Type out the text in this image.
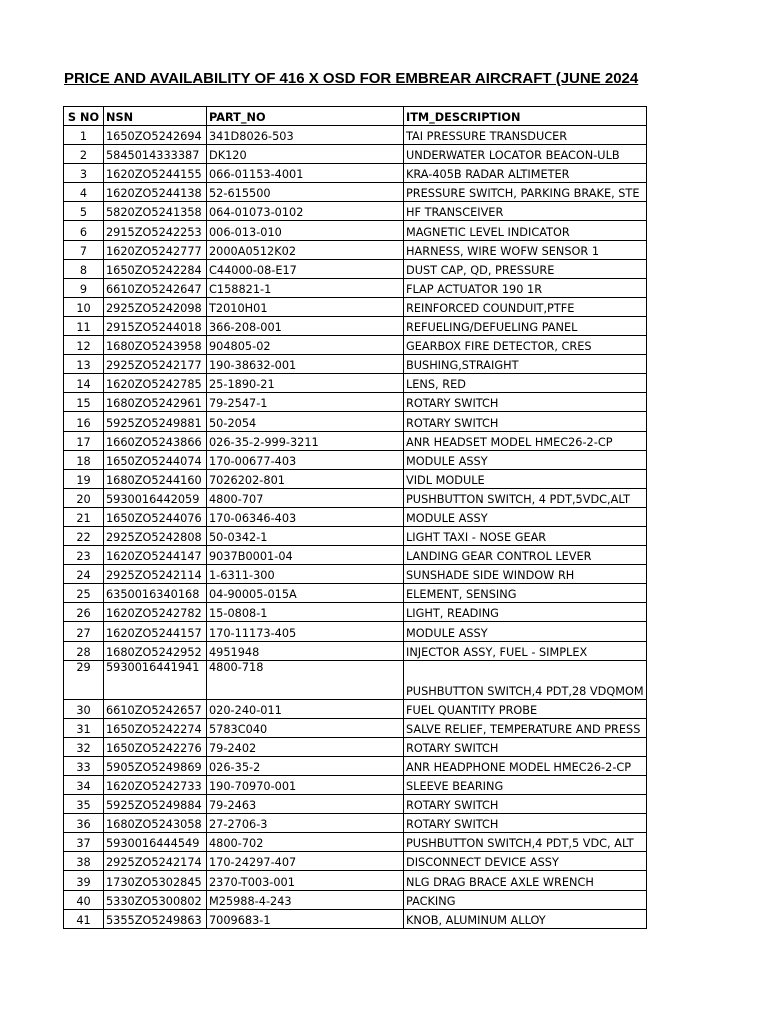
PRICE AND AVAILABILITY OF 416 X OSD FOR EMBREAR AIRCRAFT (JUNE 2024
S NO	NSN	PART_NO	ITM_DESCRIPTION
1	1650ZO5242694	341D8026-503	TAI PRESSURE TRANSDUCER
2	5845014333387	DK120	UNDERWATER LOCATOR BEACON-ULB
3	1620ZO5244155	066-01153-4001	KRA-405B RADAR ALTIMETER
4	1620ZO5244138	52-615500	PRESSURE SWITCH, PARKING BRAKE, STE
5	5820ZO5241358	064-01073-0102	HF TRANSCEIVER
6	2915ZO5242253	006-013-010	MAGNETIC LEVEL INDICATOR
7	1620ZO5242777	2000A0512K02	HARNESS, WIRE WOFW SENSOR 1
8	1650ZO5242284	C44000-08-E17	DUST CAP, QD, PRESSURE
9	6610ZO5242647	C158821-1	FLAP ACTUATOR 190 1R
10	2925ZO5242098	T2010H01	REINFORCED COUNDUIT,PTFE
11	2915ZO5244018	366-208-001	REFUELING/DEFUELING PANEL
12	1680ZO5243958	904805-02	GEARBOX FIRE DETECTOR, CRES
13	2925ZO5242177	190-38632-001	BUSHING,STRAIGHT
14	1620ZO5242785	25-1890-21	LENS, RED
15	1680ZO5242961	79-2547-1	ROTARY SWITCH
16	5925ZO5249881	50-2054	ROTARY SWITCH
17	1660ZO5243866	026-35-2-999-3211	ANR HEADSET MODEL HMEC26-2-CP
18	1650ZO5244074	170-00677-403	MODULE ASSY
19	1680ZO5244160	7026202-801	VIDL MODULE
20	5930016442059	4800-707	PUSHBUTTON SWITCH, 4 PDT,5VDC,ALT
21	1650ZO5244076	170-06346-403	MODULE ASSY
22	2925ZO5242808	50-0342-1	LIGHT TAXI - NOSE GEAR
23	1620ZO5244147	9037B0001-04	LANDING GEAR CONTROL LEVER
24	2925ZO5242114	1-6311-300	SUNSHADE SIDE WINDOW RH
25	6350016340168	04-90005-015A	ELEMENT, SENSING
26	1620ZO5242782	15-0808-1	LIGHT, READING
27	1620ZO5244157	170-11173-405	MODULE ASSY
28	1680ZO5242952	4951948	INJECTOR ASSY, FUEL - SIMPLEX
29	5930016441941	4800-718	PUSHBUTTON SWITCH,4 PDT,28 VDQMOM
30	6610ZO5242657	020-240-011	FUEL QUANTITY PROBE
31	1650ZO5242274	5783C040	SALVE RELIEF, TEMPERATURE AND PRESS
32	1650ZO5242276	79-2402	ROTARY SWITCH
33	5905ZO5249869	026-35-2	ANR HEADPHONE MODEL HMEC26-2-CP
34	1620ZO5242733	190-70970-001	SLEEVE BEARING
35	5925ZO5249884	79-2463	ROTARY SWITCH
36	1680ZO5243058	27-2706-3	ROTARY SWITCH
37	5930016444549	4800-702	PUSHBUTTON SWITCH,4 PDT,5 VDC, ALT
38	2925ZO5242174	170-24297-407	DISCONNECT DEVICE ASSY
39	1730ZO5302845	2370-T003-001	NLG DRAG BRACE AXLE WRENCH
40	5330ZO5300802	M25988-4-243	PACKING
41	5355ZO5249863	7009683-1	KNOB, ALUMINUM ALLOY
